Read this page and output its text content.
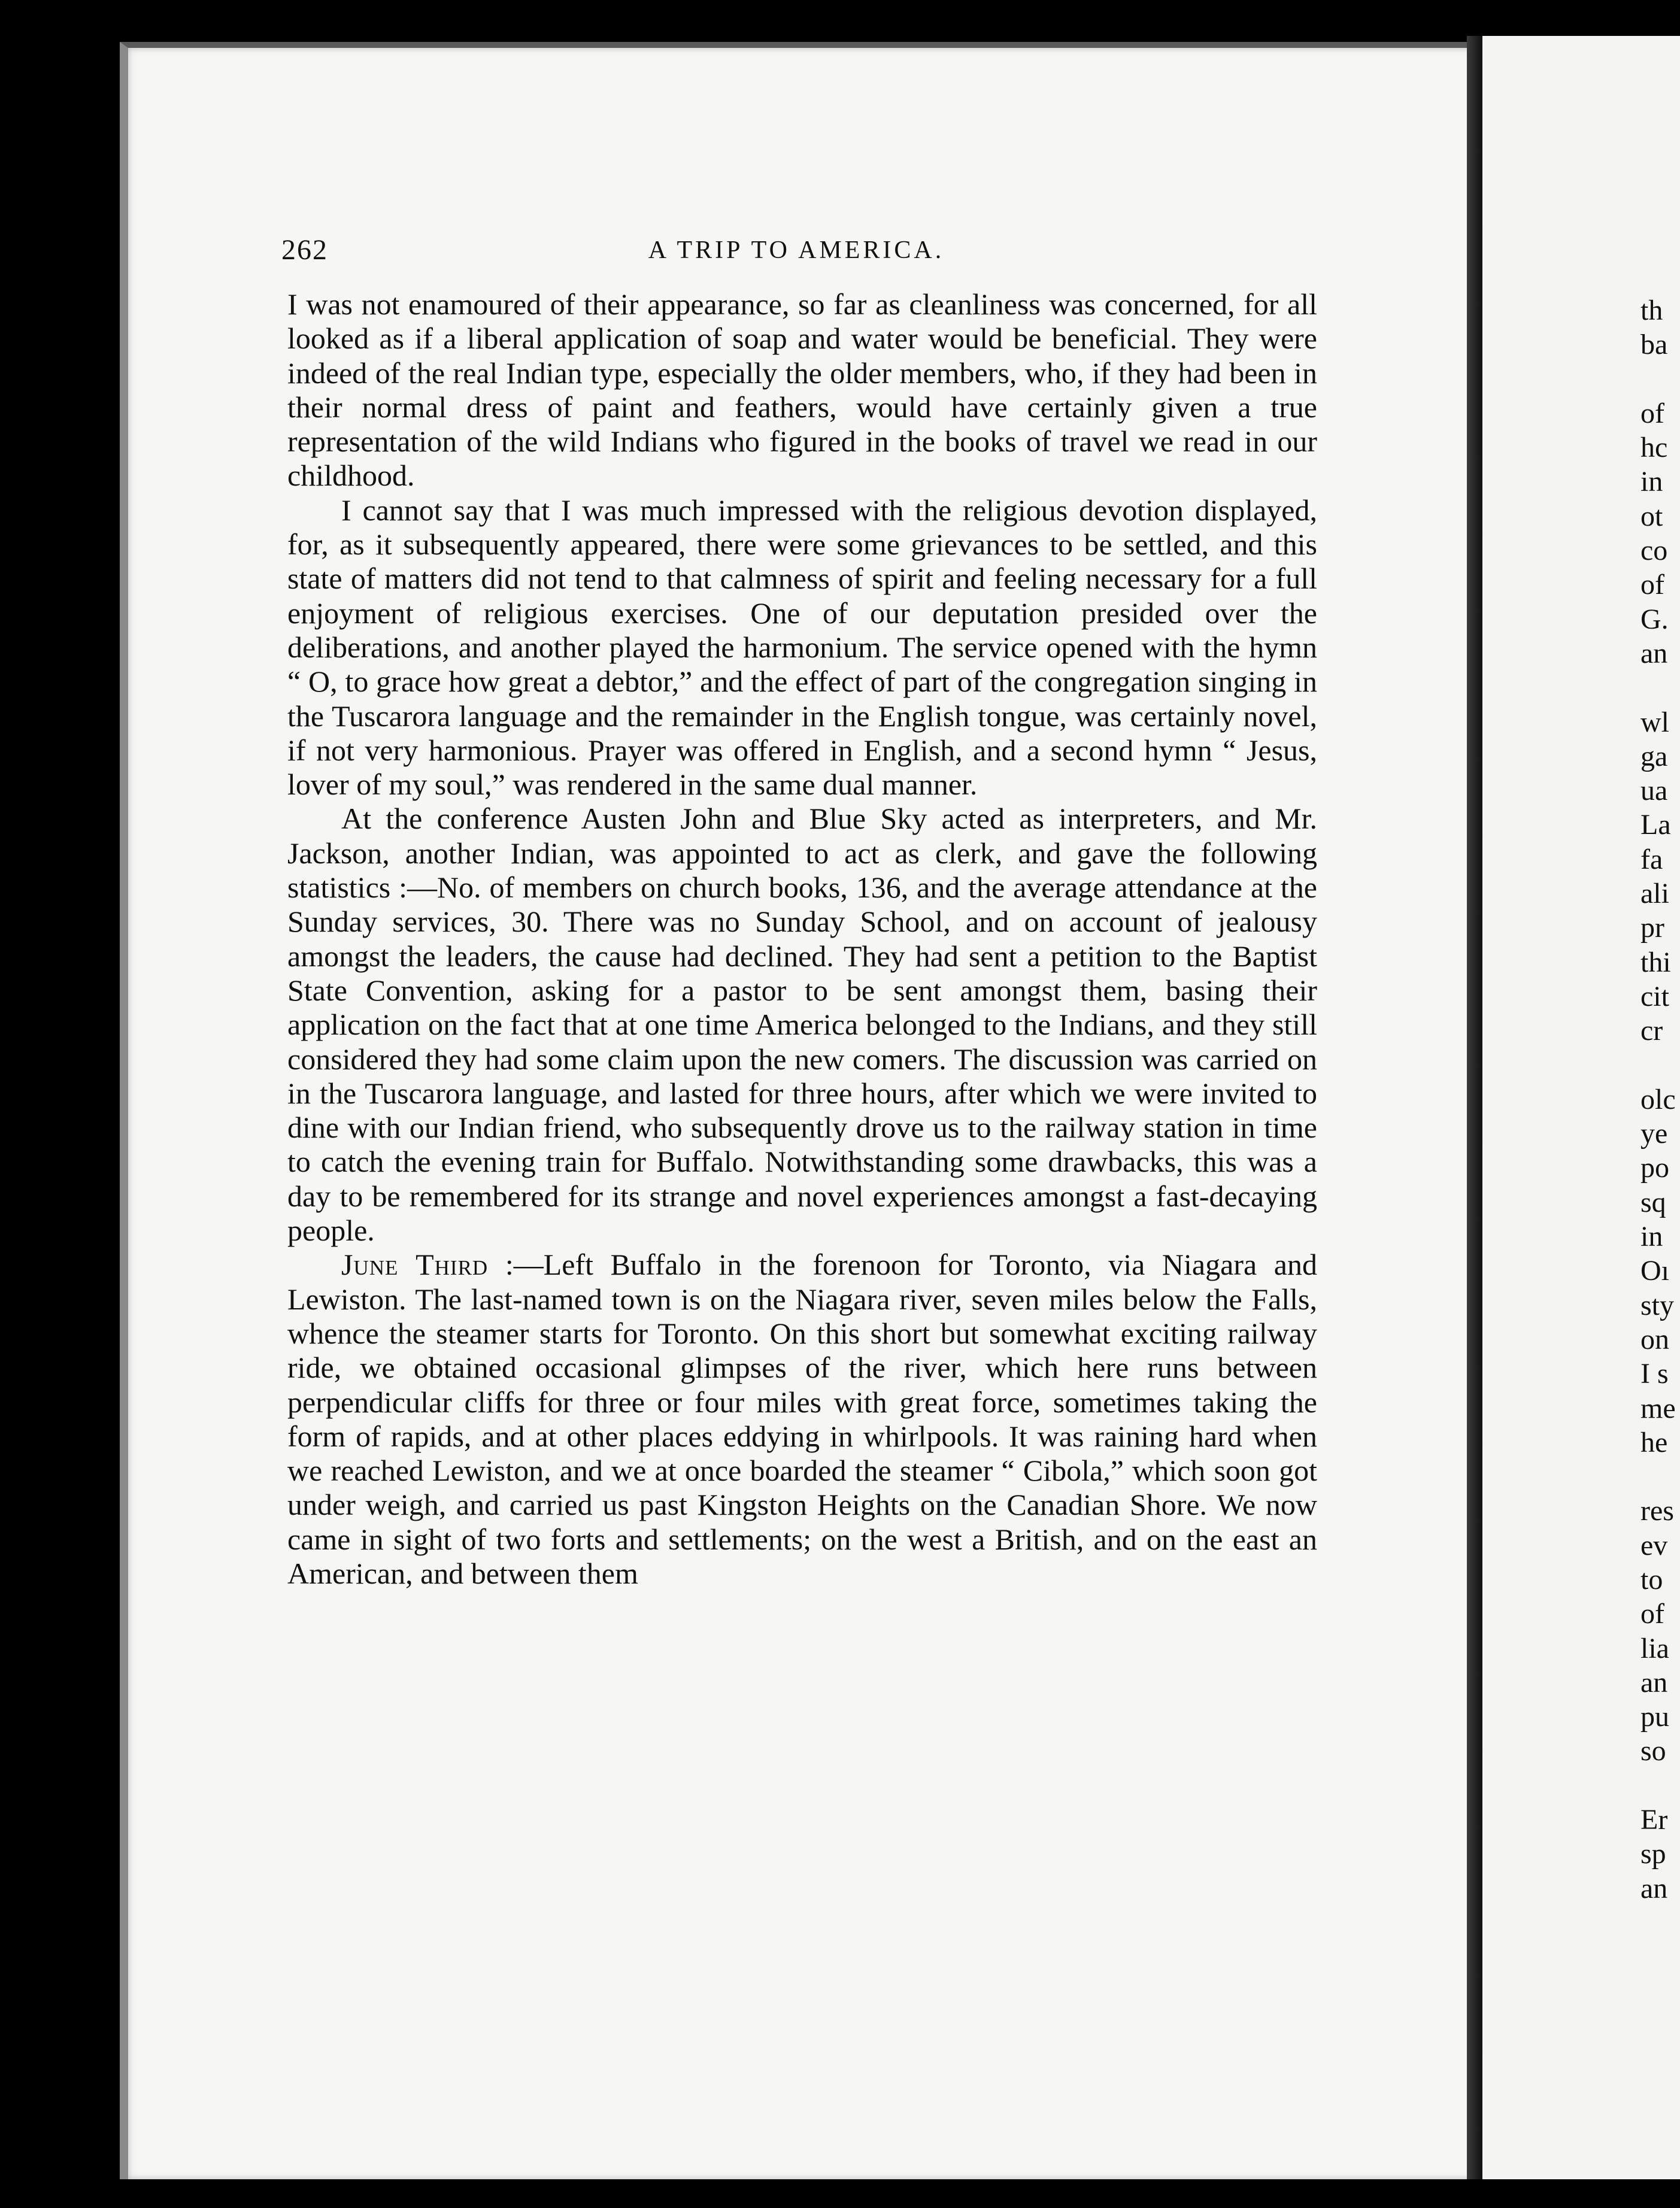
262	A TRIP TO AMERICA.

I was not enamoured of their appearance, so far as cleanliness was concerned, for all looked as if a liberal application of soap and water would be beneficial. They were indeed of the real Indian type, especially the older members, who, if they had been in their normal dress of paint and feathers, would have certainly given a true representation of the wild Indians who figured in the books of travel we read in our childhood.

I cannot say that I was much impressed with the religious devotion displayed, for, as it subsequently appeared, there were some grievances to be settled, and this state of matters did not tend to that calmness of spirit and feeling necessary for a full enjoyment of religious exercises. One of our deputation presided over the deliberations, and another played the harmonium. The service opened with the hymn “ O, to grace how great a debtor,” and the effect of part of the congregation singing in the Tuscarora language and the remainder in the English tongue, was certainly novel, if not very harmonious. Prayer was offered in English, and a second hymn “ Jesus, lover of my soul,” was rendered in the same dual manner.

At the conference Austen John and Blue Sky acted as interpreters, and Mr. Jackson, another Indian, was appointed to act as clerk, and gave the following statistics :—No. of members on church books, 136, and the average attendance at the Sunday services, 30. There was no Sunday School, and on account of jealousy amongst the leaders, the cause had declined. They had sent a petition to the Baptist State Convention, asking for a pastor to be sent amongst them, basing their application on the fact that at one time America belonged to the Indians, and they still considered they had some claim upon the new comers. The discussion was carried on in the Tuscarora language, and lasted for three hours, after which we were invited to dine with our Indian friend, who subsequently drove us to the railway station in time to catch the evening train for Buffalo. Notwithstanding some drawbacks, this was a day to be remembered for its strange and novel experiences amongst a fast-decaying people.

June Third :—Left Buffalo in the forenoon for Toronto, via Niagara and Lewiston. The last-named town is on the Niagara river, seven miles below the Falls, whence the steamer starts for Toronto. On this short but somewhat exciting railway ride, we obtained occasional glimpses of the river, which here runs between perpendicular cliffs for three or four miles with great force, sometimes taking the form of rapids, and at other places eddying in whirlpools. It was raining hard when we reached Lewiston, and we at once boarded the steamer “ Cibola,” which soon got under weigh, and carried us past Kingston Heights on the Canadian Shore. We now came in sight of two forts and settlements; on the west a British, and on the east an American, and between them

th
ba
of
hc
in
ot
co
of
G.
an
wl
ga
ua
La
fa
ali
pr
thi
cit
cr
olc
ye
po
sq
in
Oı
sty
on
I s
me
he
res
ev
to
of
lia
an
pu
so
Er
sp
an
